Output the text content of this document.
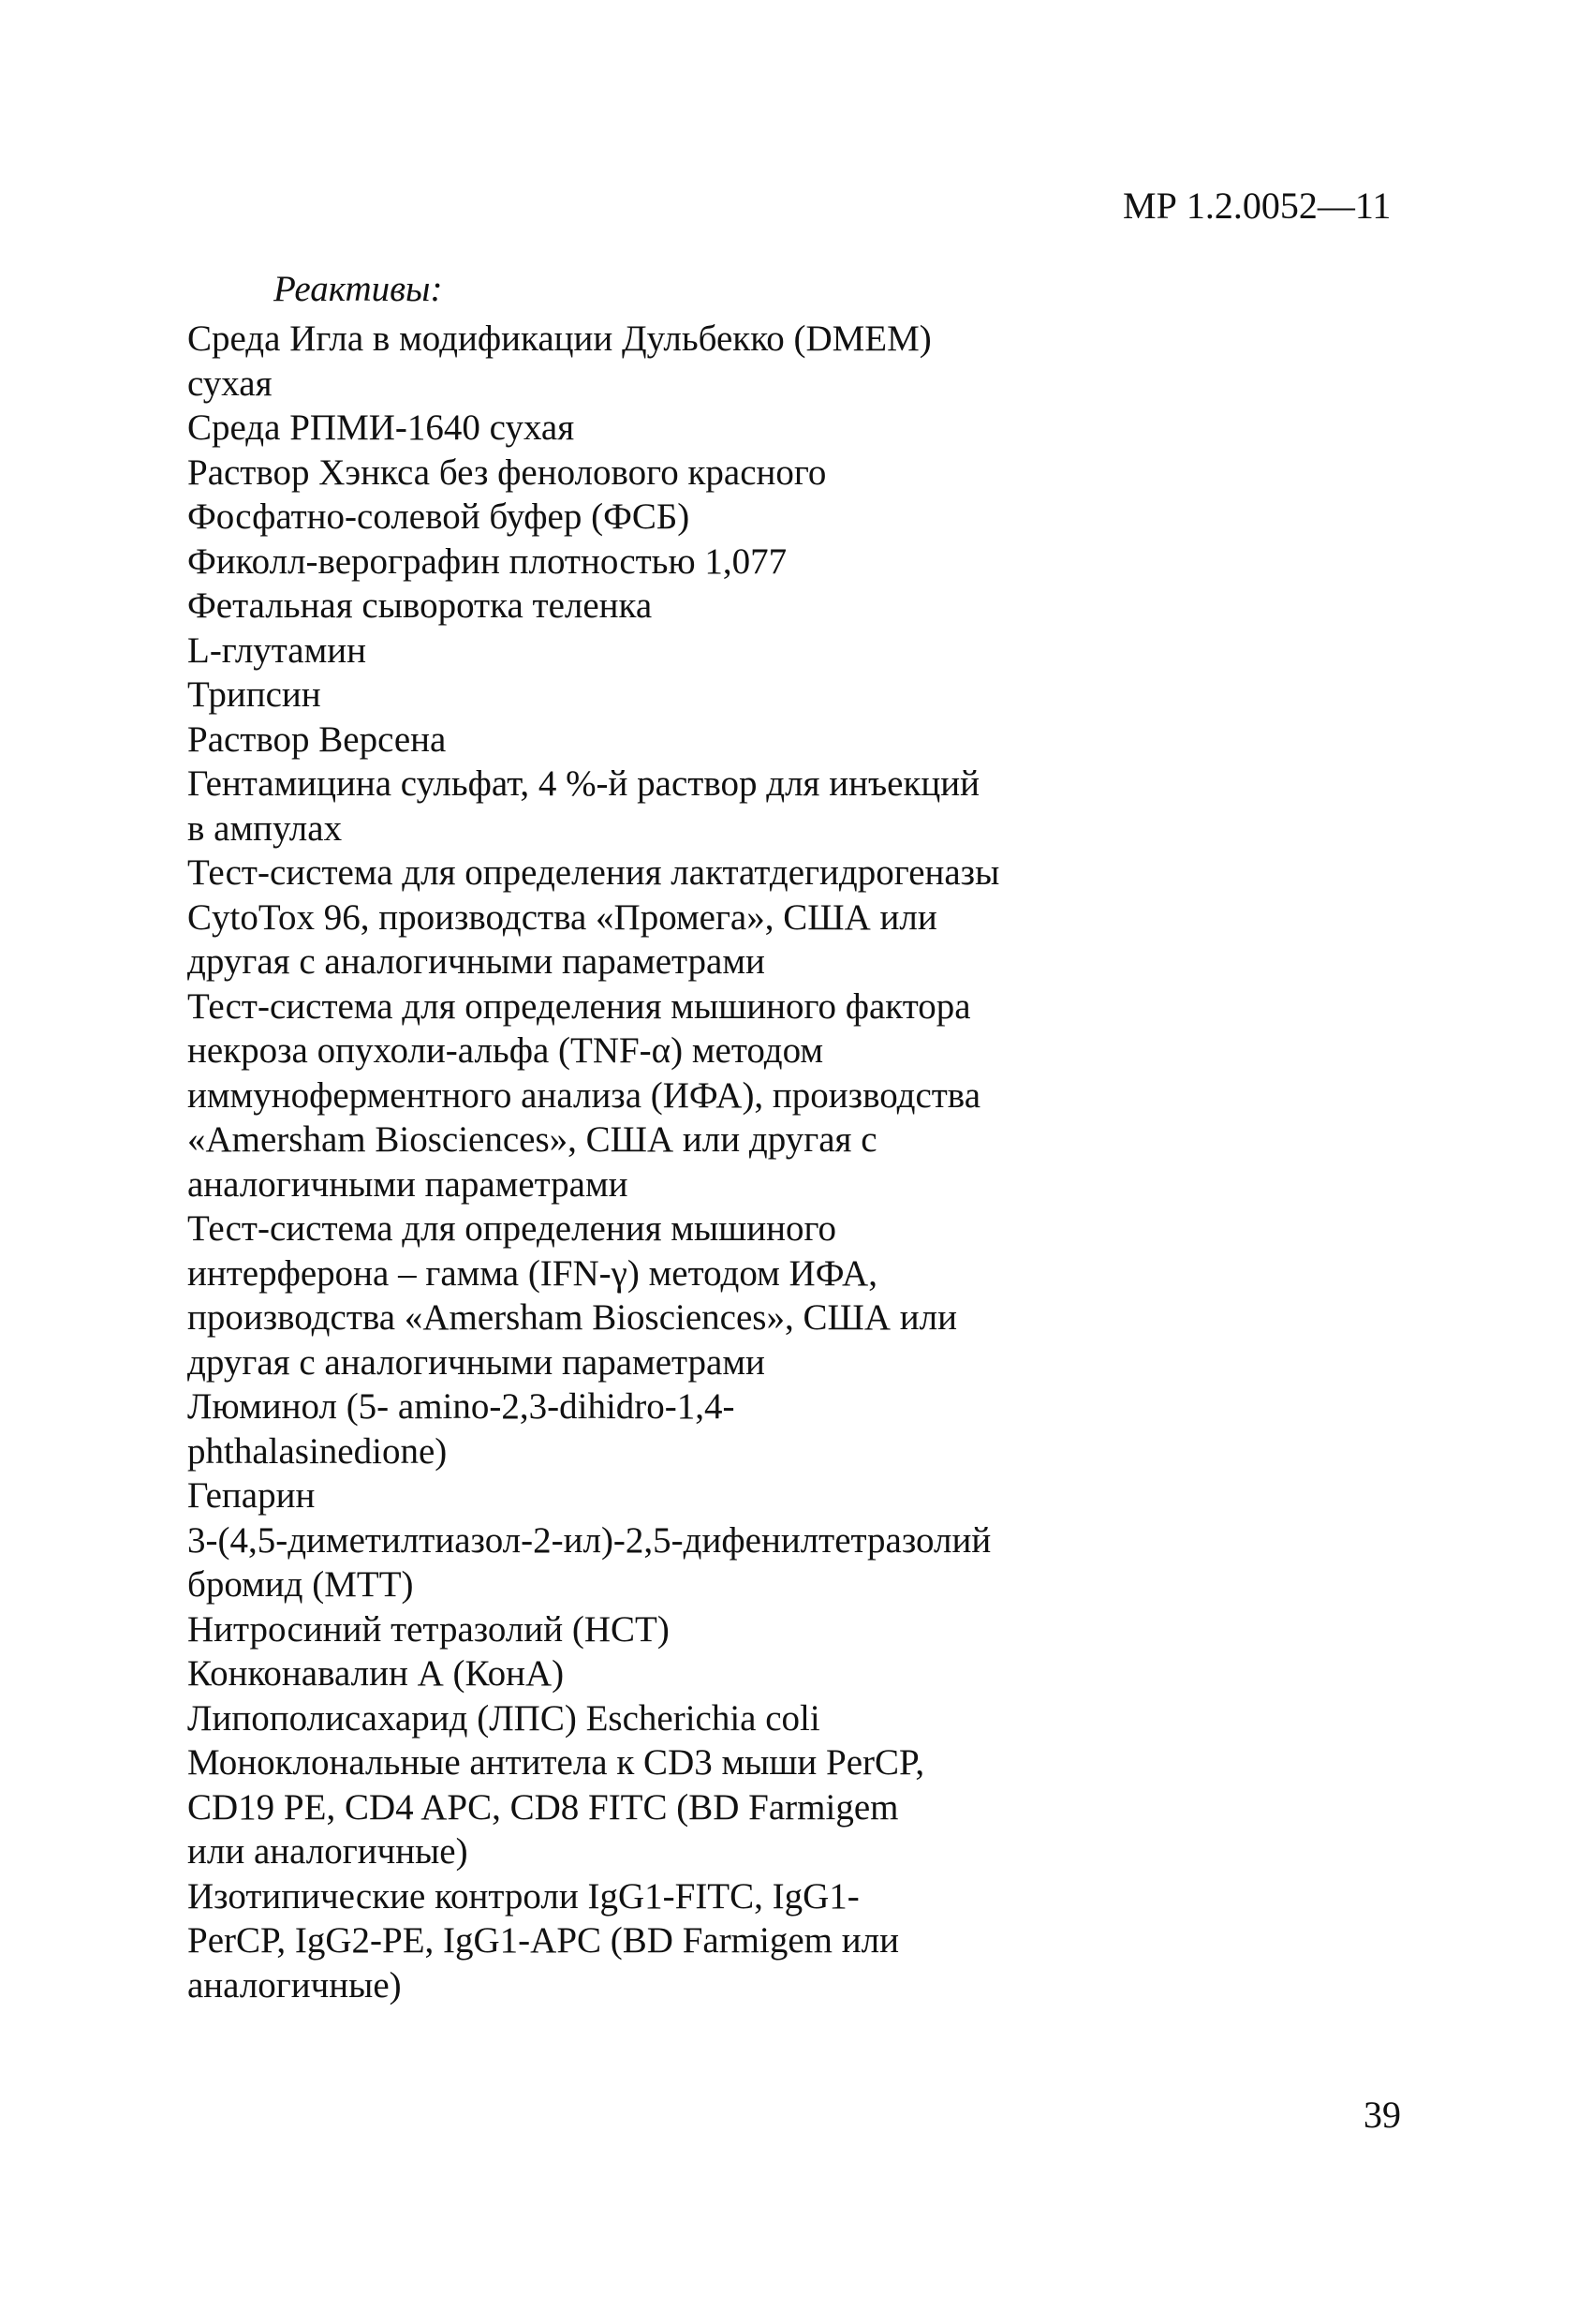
МР 1.2.0052—11
Реактивы:
Среда Игла в модификации Дульбекко (DMEM)
сухая
Среда РПМИ-1640 сухая
Раствор Хэнкса без фенолового красного
Фосфатно-солевой буфер (ФСБ)
Фиколл-верографин плотностью 1,077
Фетальная сыворотка теленка
L-глутамин
Трипсин
Раствор Версена
Гентамицина сульфат, 4 %-й раствор для инъекций
в ампулах
Тест-система для определения лактатдегидрогеназы
CytoTox 96, производства «Промега», США или
другая с аналогичными параметрами
Тест-система для определения мышиного фактора
некроза опухоли-альфа (TNF-α) методом
иммуноферментного анализа (ИФА), производства
«Amersham Biosciences», США или другая с
аналогичными параметрами
Тест-система для определения мышиного
интерферона – гамма (IFN-γ) методом ИФА,
производства «Amersham Biosciences», США или
другая с аналогичными параметрами
Люминол (5- amino-2,3-dihidro-1,4-
phthalasinedione)
Гепарин
3-(4,5-диметилтиазол-2-ил)-2,5-дифенилтетразолий
бромид (МТТ)
Нитросиний тетразолий (НСТ)
Конконавалин А (КонА)
Липополисахарид (ЛПС) Escherichia coli
Моноклональные антитела к CD3 мыши PerCP,
CD19 PE, CD4 APC, CD8 FITC (BD Farmigem
или аналогичные)
Изотипические контроли IgG1-FITC, IgG1-
PerCP, IgG2-PE, IgG1-APC (BD Farmigem или
аналогичные)
39
